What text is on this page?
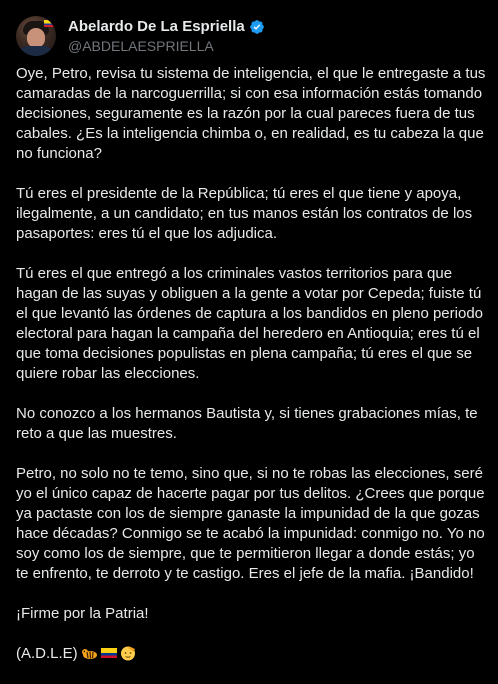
Abelardo De La Espriella
@ABDELAESPRIELLA

Oye, Petro, revisa tu sistema de inteligencia, el que le entregaste a tus camaradas de la narcoguerrilla; si con esa información estás tomando decisiones, seguramente es la razón por la cual pareces fuera de tus cabales. ¿Es la inteligencia chimba o, en realidad, es tu cabeza la que no funciona?

Tú eres el presidente de la República; tú eres el que tiene y apoya, ilegalmente, a un candidato; en tus manos están los contratos de los pasaportes: eres tú el que los adjudica.

Tú eres el que entregó a los criminales vastos territorios para que hagan de las suyas y obliguen a la gente a votar por Cepeda; fuiste tú el que levantó las órdenes de captura a los bandidos en pleno periodo electoral para hagan la campaña del heredero en Antioquia; eres tú el que toma decisiones populistas en plena campaña; tú eres el que se quiere robar las elecciones.

No conozco a los hermanos Bautista y, si tienes grabaciones mías, te reto a que las muestres.

Petro, no solo no te temo, sino que, si no te robas las elecciones, seré yo el único capaz de hacerte pagar por tus delitos. ¿Crees que porque ya pactaste con los de siempre ganaste la impunidad de la que gozas hace décadas? Conmigo se te acabó la impunidad: conmigo no. Yo no soy como los de siempre, que te permitieron llegar a donde estás; yo te enfrento, te derroto y te castigo. Eres el jefe de la mafia. ¡Bandido!

¡Firme por la Patria!

(A.D.L.E)
